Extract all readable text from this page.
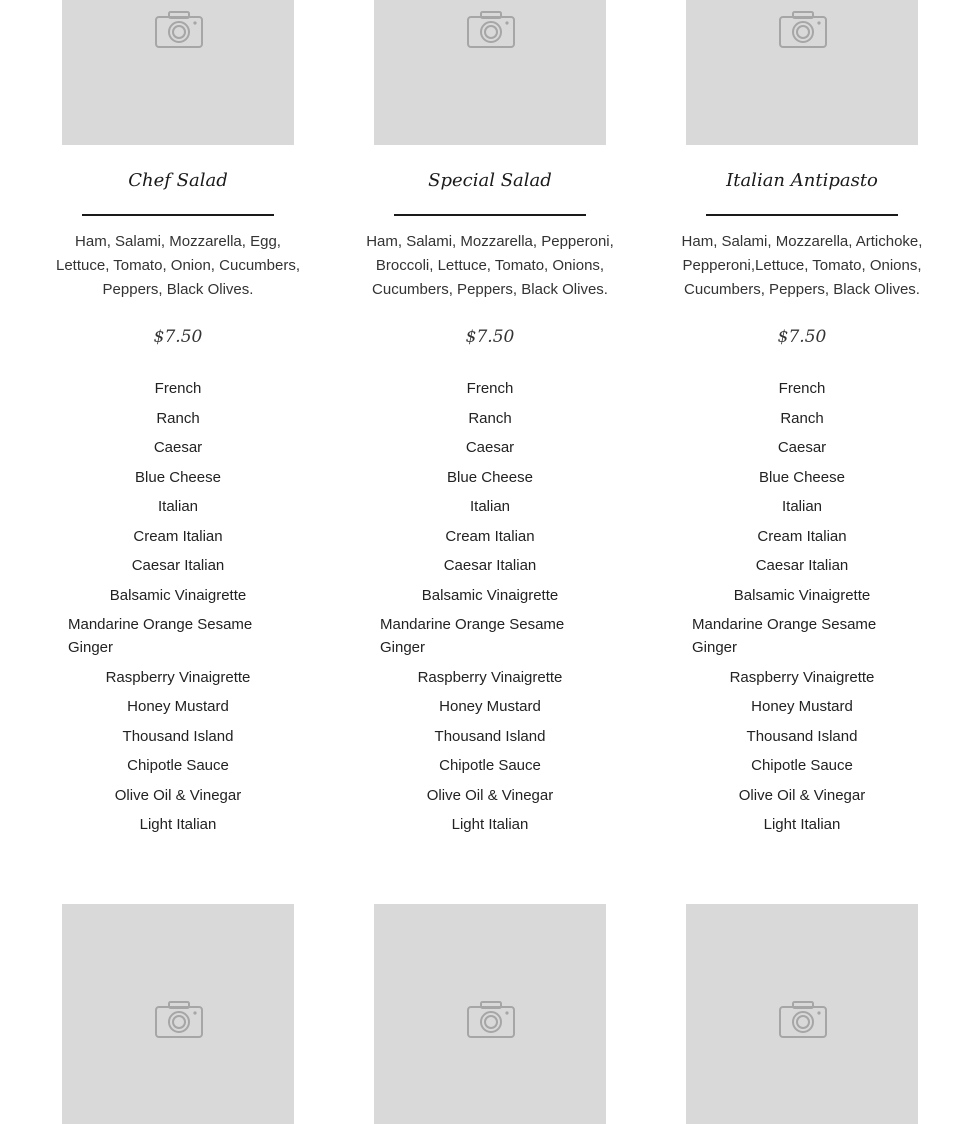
Chef Salad
Ham, Salami, Mozzarella, Egg, Lettuce, Tomato, Onion, Cucumbers, Peppers, Black Olives.
$7.50
French
Ranch
Caesar
Blue Cheese
Italian
Cream Italian
Caesar Italian
Balsamic Vinaigrette
Mandarine Orange Sesame Ginger
Raspberry Vinaigrette
Honey Mustard
Thousand Island
Chipotle Sauce
Olive Oil & Vinegar
Light Italian
Special Salad
Ham, Salami, Mozzarella, Pepperoni, Broccoli, Lettuce, Tomato, Onions, Cucumbers, Peppers, Black Olives.
$7.50
French
Ranch
Caesar
Blue Cheese
Italian
Cream Italian
Caesar Italian
Balsamic Vinaigrette
Mandarine Orange Sesame Ginger
Raspberry Vinaigrette
Honey Mustard
Thousand Island
Chipotle Sauce
Olive Oil & Vinegar
Light Italian
Italian Antipasto
Ham, Salami, Mozzarella, Artichoke, Pepperoni,Lettuce, Tomato, Onions, Cucumbers, Peppers, Black Olives.
$7.50
French
Ranch
Caesar
Blue Cheese
Italian
Cream Italian
Caesar Italian
Balsamic Vinaigrette
Mandarine Orange Sesame Ginger
Raspberry Vinaigrette
Honey Mustard
Thousand Island
Chipotle Sauce
Olive Oil & Vinegar
Light Italian
